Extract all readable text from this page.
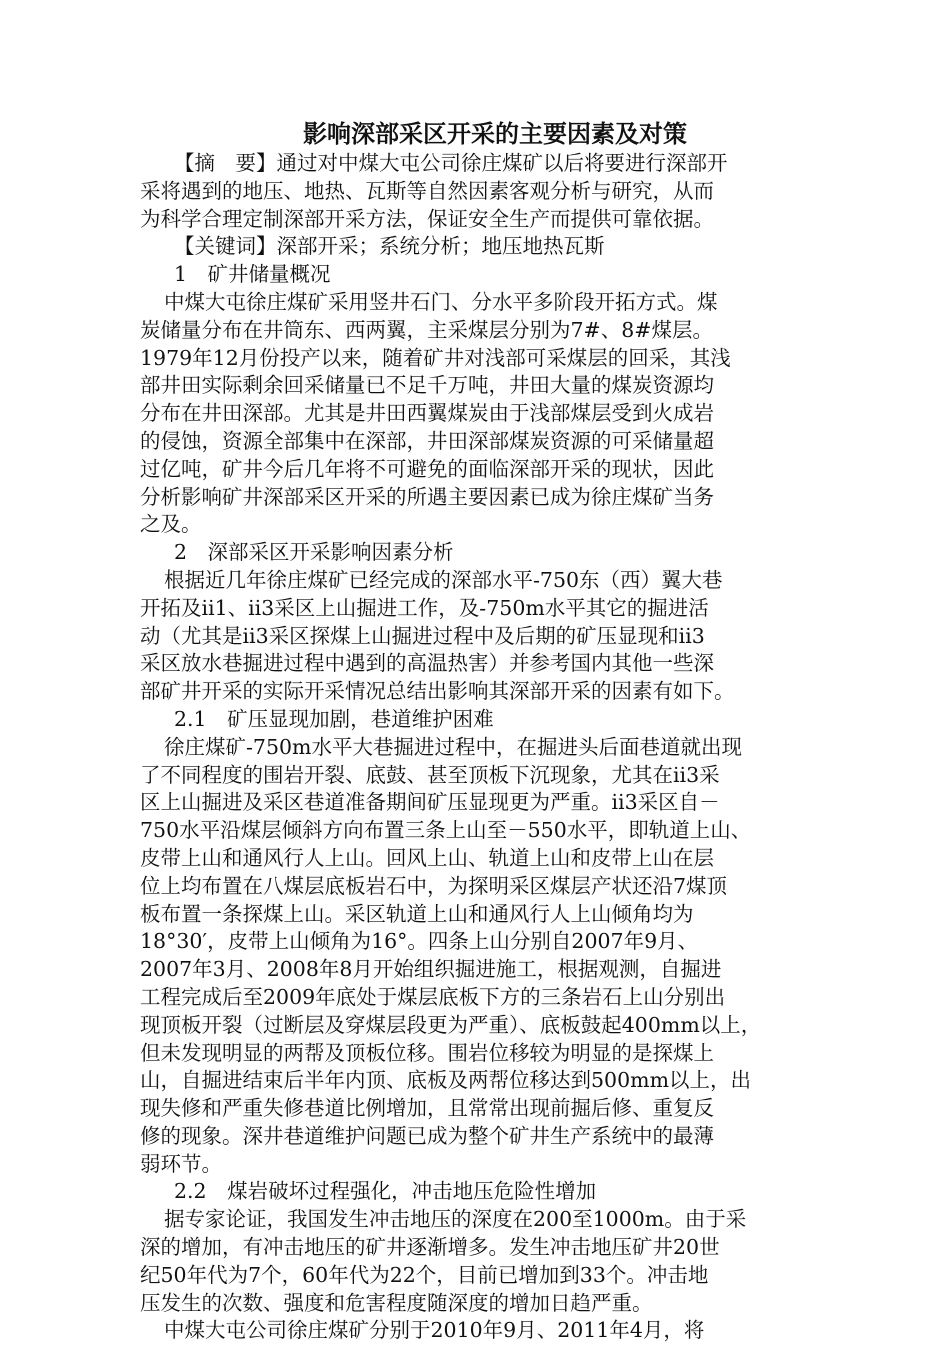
影响深部采区开采的主要因素及对策
【摘　要】通过对中煤大屯公司徐庄煤矿以后将要进行深部开
采将遇到的地压、地热、瓦斯等自然因素客观分析与研究，从而
为科学合理定制深部开采方法，保证安全生产而提供可靠依据。
【关键词】深部开采；系统分析；地压地热瓦斯
1　矿井储量概况
中煤大屯徐庄煤矿采用竖井石门、分水平多阶段开拓方式。煤
炭储量分布在井筒东、西两翼，主采煤层分别为7#、8#煤层。
1979年12月份投产以来，随着矿井对浅部可采煤层的回采，其浅
部井田实际剩余回采储量已不足千万吨，井田大量的煤炭资源均
分布在井田深部。尤其是井田西翼煤炭由于浅部煤层受到火成岩
的侵蚀，资源全部集中在深部，井田深部煤炭资源的可采储量超
过亿吨，矿井今后几年将不可避免的面临深部开采的现状，因此
分析影响矿井深部采区开采的所遇主要因素已成为徐庄煤矿当务
之及。
2　深部采区开采影响因素分析
根据近几年徐庄煤矿已经完成的深部水平-750东（西）翼大巷
开拓及ⅱ1、ⅱ3采区上山掘进工作，及-750m水平其它的掘进活
动（尤其是ⅱ3采区探煤上山掘进过程中及后期的矿压显现和ⅱ3
采区放水巷掘进过程中遇到的高温热害）并参考国内其他一些深
部矿井开采的实际开采情况总结出影响其深部开采的因素有如下。
2.1　矿压显现加剧，巷道维护困难
徐庄煤矿-750m水平大巷掘进过程中，在掘进头后面巷道就出现
了不同程度的围岩开裂、底鼓、甚至顶板下沉现象，尤其在ⅱ3采
区上山掘进及采区巷道准备期间矿压显现更为严重。ⅱ3采区自－
750水平沿煤层倾斜方向布置三条上山至－550水平，即轨道上山、
皮带上山和通风行人上山。回风上山、轨道上山和皮带上山在层
位上均布置在八煤层底板岩石中，为探明采区煤层产状还沿7煤顶
板布置一条探煤上山。采区轨道上山和通风行人上山倾角均为
18°30′，皮带上山倾角为16°。四条上山分别自2007年9月、
2007年3月、2008年8月开始组织掘进施工，根据观测，自掘进
工程完成后至2009年底处于煤层底板下方的三条岩石上山分别出
现顶板开裂（过断层及穿煤层段更为严重）、底板鼓起400mm以上，
但未发现明显的两帮及顶板位移。围岩位移较为明显的是探煤上
山，自掘进结束后半年内顶、底板及两帮位移达到500mm以上，出
现失修和严重失修巷道比例增加，且常常出现前掘后修、重复反
修的现象。深井巷道维护问题已成为整个矿井生产系统中的最薄
弱环节。
2.2　煤岩破坏过程强化，冲击地压危险性增加
据专家论证，我国发生冲击地压的深度在200至1000m。由于采
深的增加，有冲击地压的矿井逐渐增多。发生冲击地压矿井20世
纪50年代为7个，60年代为22个，目前已增加到33个。冲击地
压发生的次数、强度和危害程度随深度的增加日趋严重。
中煤大屯公司徐庄煤矿分别于2010年9月、2011年4月，将
